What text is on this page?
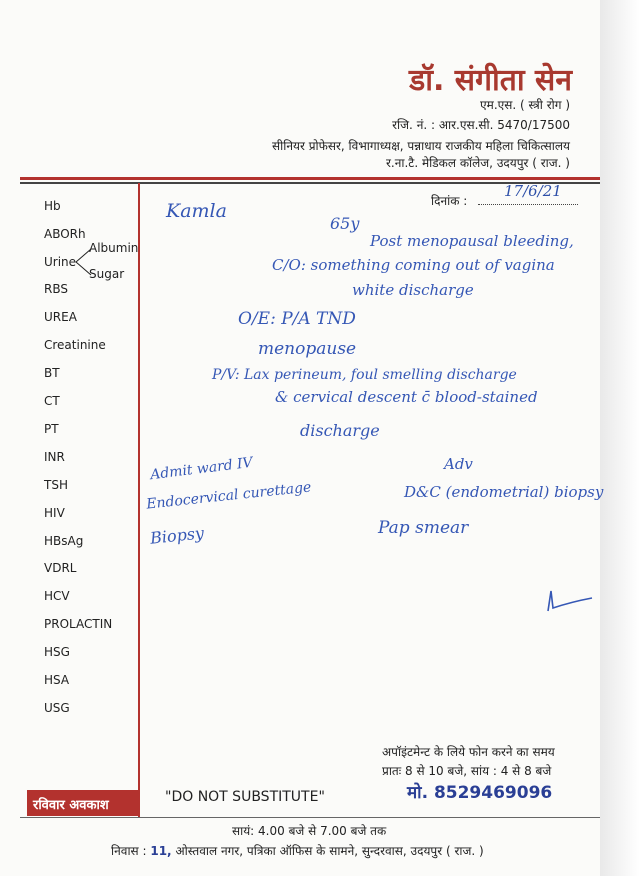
डॉ. संगीता सेन
एम.एस. ( स्त्री रोग )
रजि. नं. : आर.एस.सी. 5470/17500
सीनियर प्रोफेसर, विभागाध्यक्ष, पन्नाधाय राजकीय महिला चिकित्सालय
र.ना.टै. मेडिकल कॉलेज, उदयपुर ( राज. )
दिनांक :
17/6/21
Hb
ABORh
Urine
Albumin
Sugar
RBS
UREA
Creatinine
BT
CT
PT
INR
TSH
HIV
HBsAg
VDRL
HCV
PROLACTIN
HSG
HSA
USG
Kamla
65y
Post menopausal bleeding,
C/O: something coming out of vagina
white discharge
O/E: P/A TND
menopause
P/V: Lax perineum, foul smelling discharge
& cervical descent c̄ blood-stained
discharge
Admit ward IV
Endocervical curettage
Biopsy
Adv
D&C (endometrial) biopsy
Pap smear
अपॉइंटमेन्ट के लिये फोन करने का समय
प्रातः 8 से 10 बजे, सांय : 4 से 8 बजे
मो. 8529469096
रविवार अवकाश
"DO NOT SUBSTITUTE"
सायं: 4.00 बजे से 7.00 बजे तक
निवास : 11, ओस्तवाल नगर, पत्रिका ऑफिस के सामने, सुन्दरवास, उदयपुर ( राज. )
